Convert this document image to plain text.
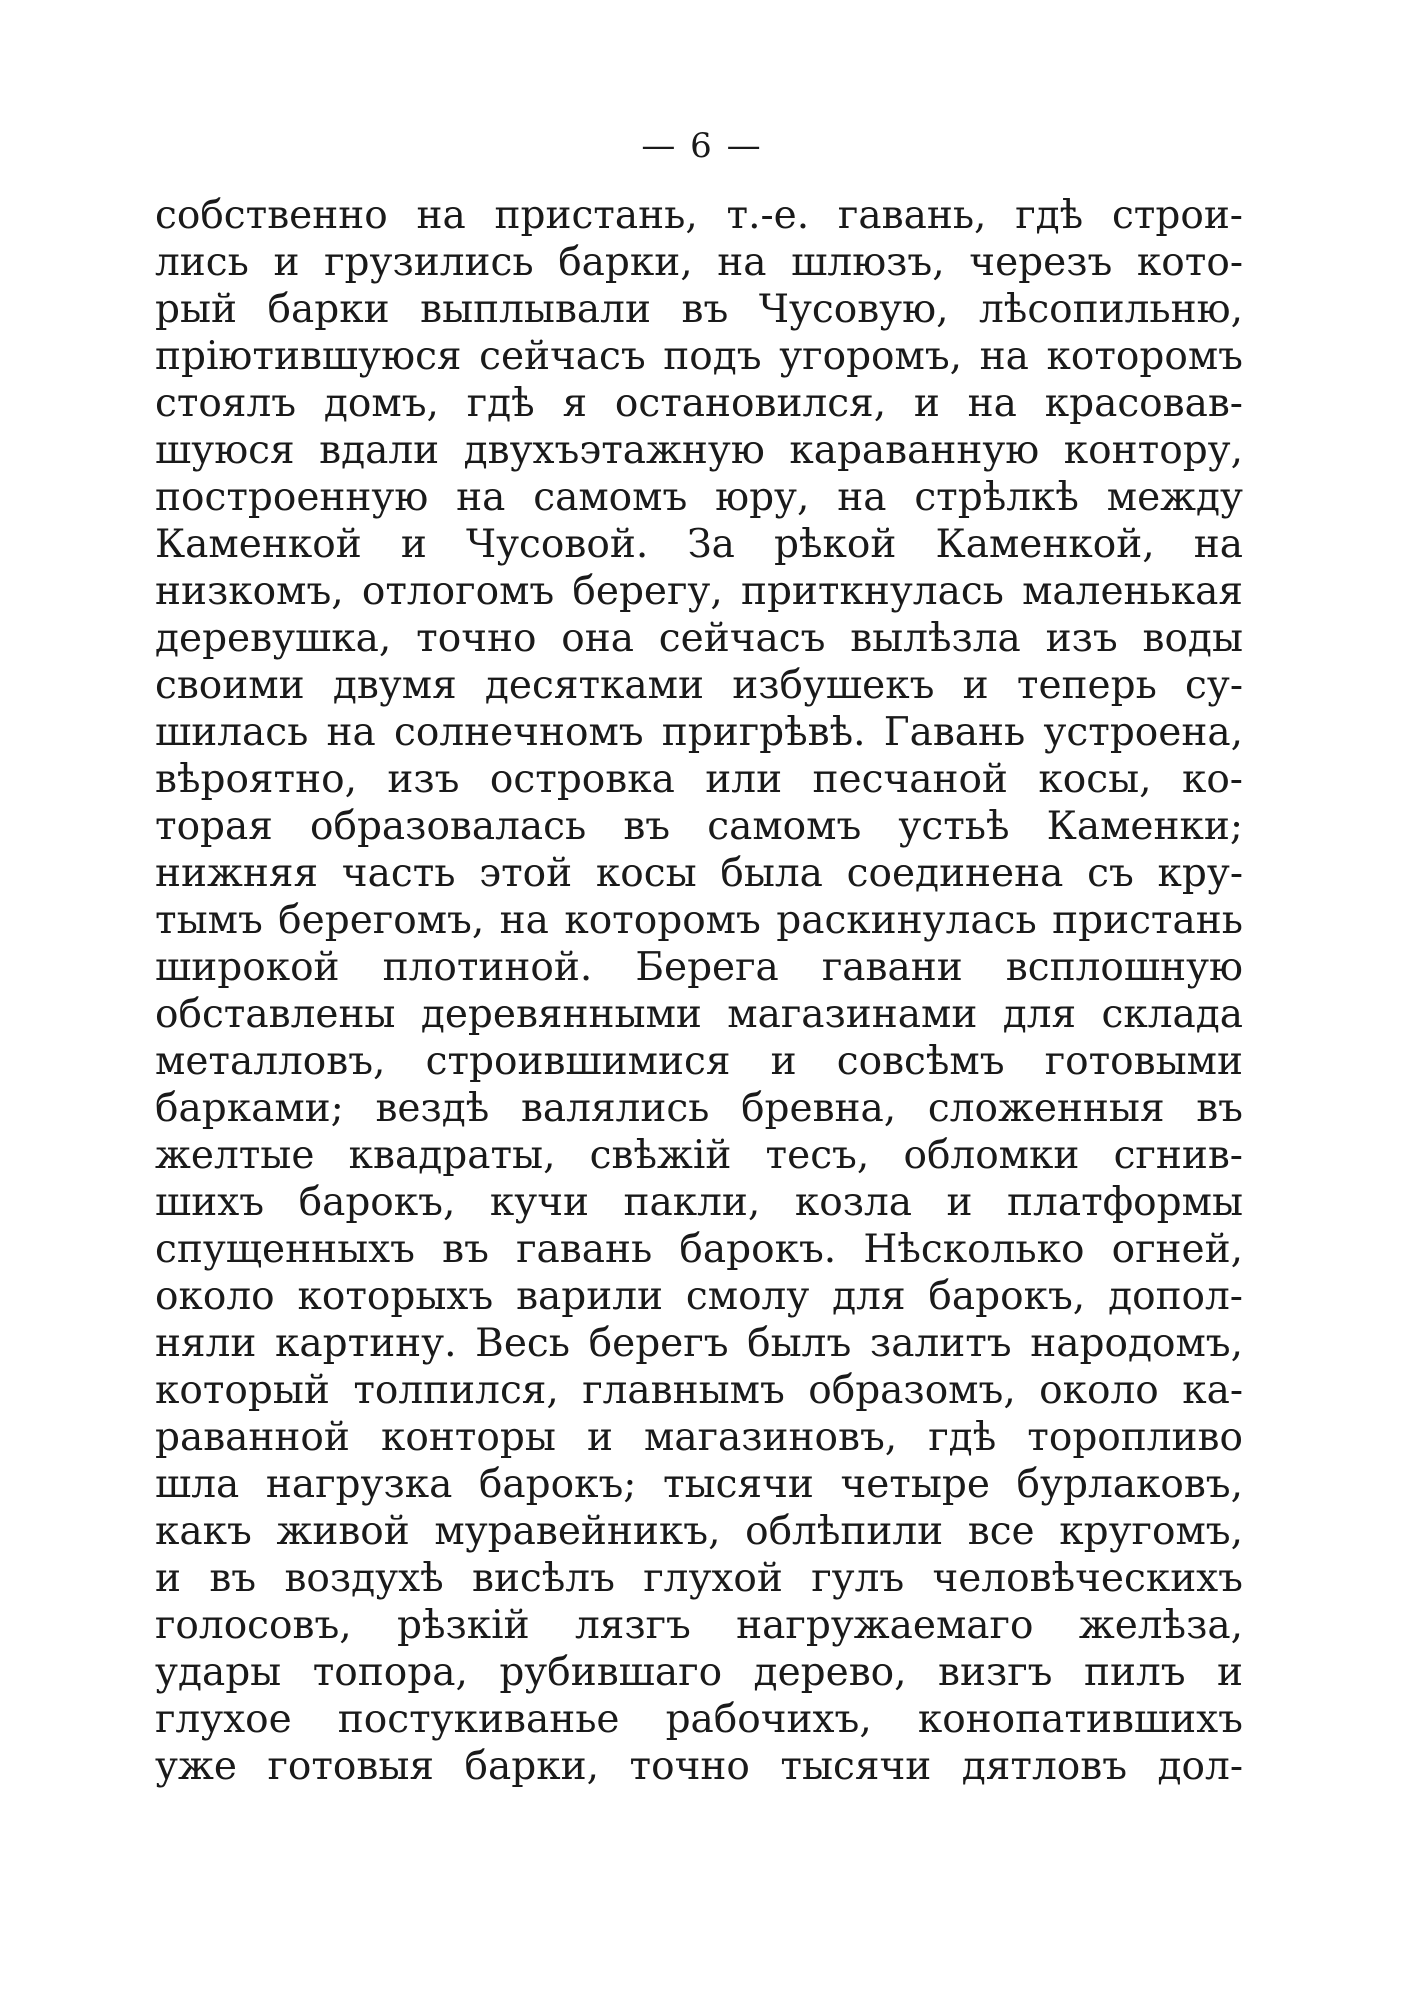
— 6 —
собственно на пристань, т.-е. гавань, гдѣ строи-
лись и грузились барки, на шлюзъ, черезъ кото-
рый барки выплывали въ Чусовую, лѣсопильню,
пріютившуюся сейчасъ подъ угоромъ, на которомъ
стоялъ домъ, гдѣ я остановился, и на красовав-
шуюся вдали двухъэтажную караванную контору,
построенную на самомъ юру, на стрѣлкѣ между
Каменкой и Чусовой. За рѣкой Каменкой, на
низкомъ, отлогомъ берегу, приткнулась маленькая
деревушка, точно она сейчасъ вылѣзла изъ воды
своими двумя десятками избушекъ и теперь су-
шилась на солнечномъ пригрѣвѣ. Гавань устроена,
вѣроятно, изъ островка или песчаной косы, ко-
торая образовалась въ самомъ устьѣ Каменки;
нижняя часть этой косы была соединена съ кру-
тымъ берегомъ, на которомъ раскинулась пристань
широкой плотиной. Берега гавани всплошную
обставлены деревянными магазинами для склада
металловъ, строившимися и совсѣмъ готовыми
барками; вездѣ валялись бревна, сложенныя въ
желтые квадраты, свѣжій тесъ, обломки сгнив-
шихъ барокъ, кучи пакли, козла и платформы
спущенныхъ въ гавань барокъ. Нѣсколько огней,
около которыхъ варили смолу для барокъ, допол-
няли картину. Весь берегъ былъ залитъ народомъ,
который толпился, главнымъ образомъ, около ка-
раванной конторы и магазиновъ, гдѣ торопливо
шла нагрузка барокъ; тысячи четыре бурлаковъ,
какъ живой муравейникъ, облѣпили все кругомъ,
и въ воздухѣ висѣлъ глухой гулъ человѣческихъ
голосовъ, рѣзкій лязгъ нагружаемаго желѣза,
удары топора, рубившаго дерево, визгъ пилъ и
глухое постукиванье рабочихъ, конопатившихъ
уже готовыя барки, точно тысячи дятловъ дол-
